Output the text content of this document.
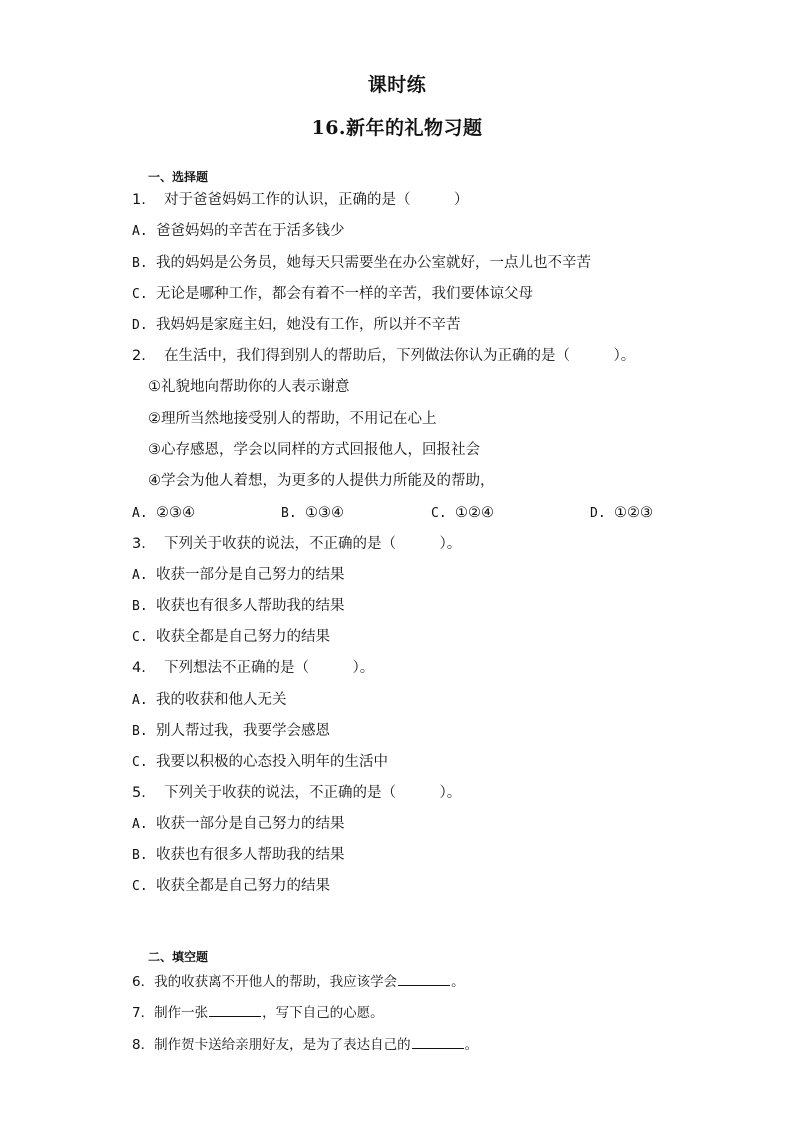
课时练
16.新年的礼物习题
一、选择题
1. 对于爸爸妈妈工作的认识，正确的是（　　　）
A. 爸爸妈妈的辛苦在于活多钱少
B. 我的妈妈是公务员，她每天只需要坐在办公室就好，一点儿也不辛苦
C. 无论是哪种工作，都会有着不一样的辛苦，我们要体谅父母
D. 我妈妈是家庭主妇，她没有工作，所以并不辛苦
2. 在生活中，我们得到别人的帮助后，下列做法你认为正确的是（　　　）。
①礼貌地向帮助你的人表示谢意
②理所当然地接受别人的帮助，不用记在心上
③心存感恩，学会以同样的方式回报他人，回报社会
④学会为他人着想，为更多的人提供力所能及的帮助，
A. ②③④	B. ①③④	C. ①②④	D. ①②③
3. 下列关于收获的说法，不正确的是（　　　）。
A. 收获一部分是自己努力的结果
B. 收获也有很多人帮助我的结果
C. 收获全都是自己努力的结果
4. 下列想法不正确的是（　　　）。
A. 我的收获和他人无关
B. 别人帮过我，我要学会感恩
C. 我要以积极的心态投入明年的生活中
5. 下列关于收获的说法，不正确的是（　　　）。
A. 收获一部分是自己努力的结果
B. 收获也有很多人帮助我的结果
C. 收获全都是自己努力的结果
二、填空题
6．我的收获离不开他人的帮助，我应该学会	。
7．制作一张	，写下自己的心愿。
8．制作贺卡送给亲朋好友，是为了表达自己的	。
